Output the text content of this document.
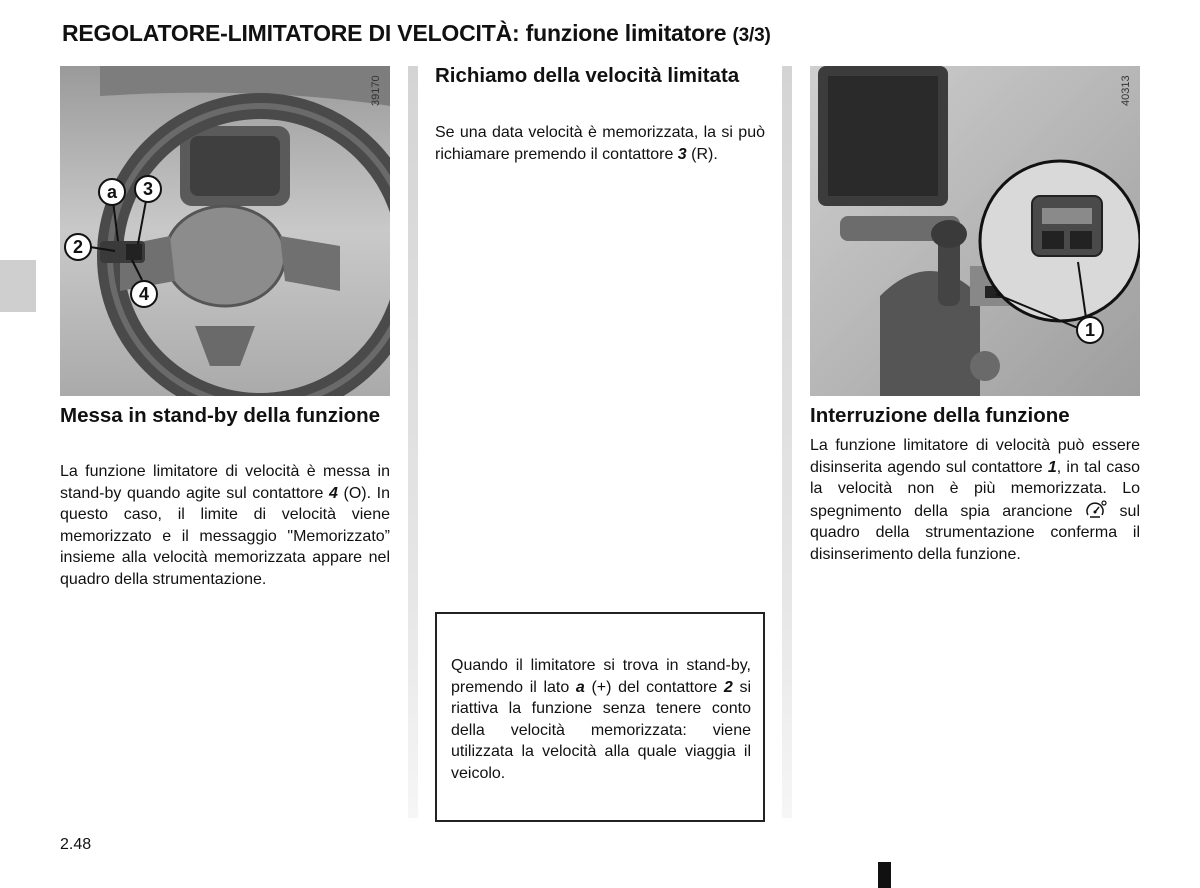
REGOLATORE-LIMITATORE DI VELOCITÀ: funzione limitatore (3/3)
a 3
2
4
39170
1
40313
Messa in stand-by della funzione

La funzione limitatore di velocità è messa in stand-by quando agite sul contattore 4 (O). In questo caso, il limite di velocità viene memorizzato e il messaggio "Memorizzato” insieme alla velocità memorizzata appare nel quadro della strumentazione.

Richiamo della velocità limitata

Se una data velocità è memorizzata, la si può richiamare premendo il contattore 3 (R).

Quando il limitatore si trova in stand-by, premendo il lato a (+) del contattore 2 si riattiva la funzione senza tenere conto della velocità memorizzata: viene utilizzata la velocità alla quale viaggia il veicolo.

Interruzione della funzione

La funzione limitatore di velocità può essere disinserita agendo sul contattore 1, in tal caso la velocità non è più memorizzata. Lo spegnimento della spia arancione  sul quadro della strumentazione conferma il disinserimento della funzione.

2.48
